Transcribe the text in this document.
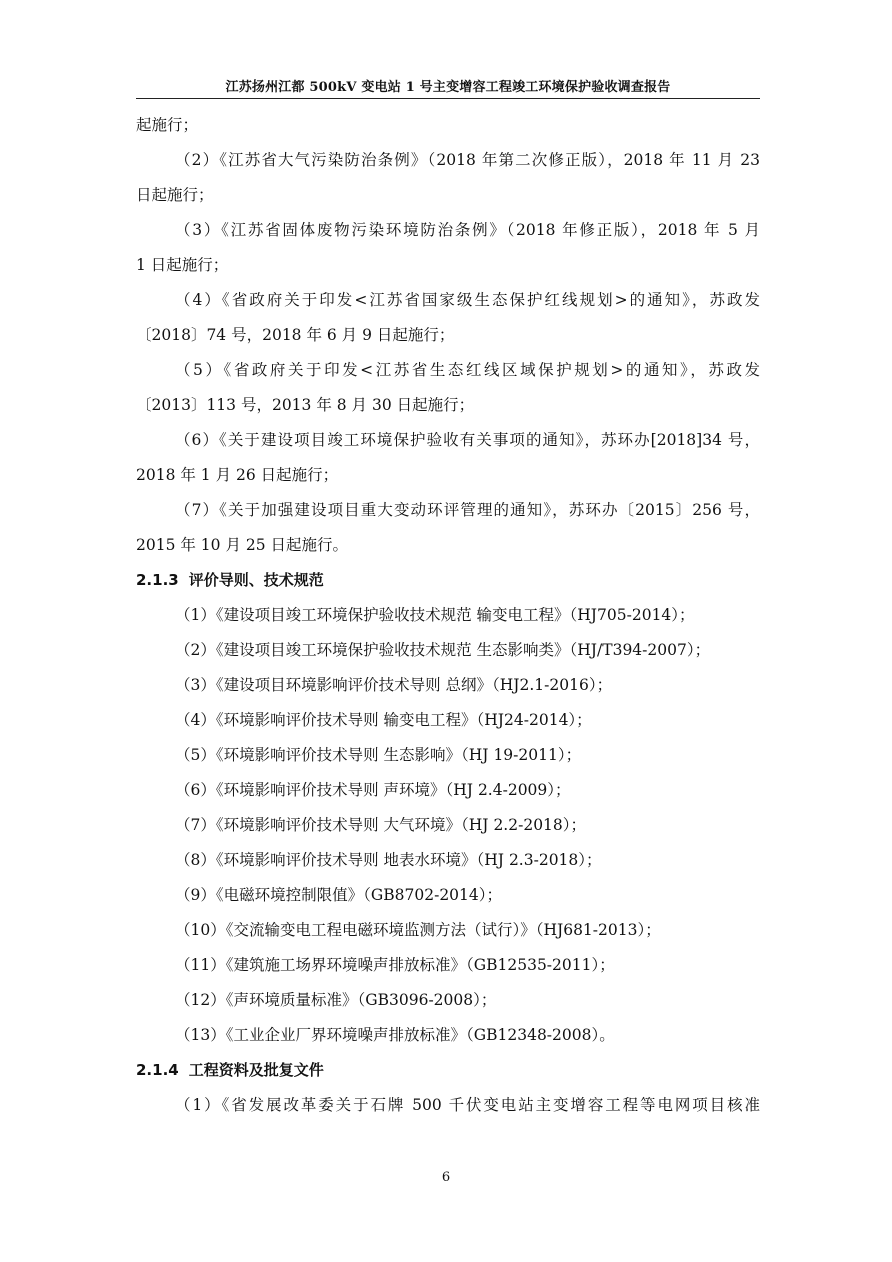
江苏扬州江都 500kV 变电站 1 号主变增容工程竣工环境保护验收调查报告
起施行；
（2）《江苏省大气污染防治条例》（2018 年第二次修正版），2018 年 11 月 23
日起施行；
（3）《江苏省固体废物污染环境防治条例》（2018 年修正版），2018 年 5 月
1 日起施行；
（4）《省政府关于印发<江苏省国家级生态保护红线规划>的通知》，苏政发
〔2018〕74 号，2018 年 6 月 9 日起施行；
（5）《省政府关于印发<江苏省生态红线区域保护规划>的通知》，苏政发
〔2013〕113 号，2013 年 8 月 30 日起施行；
（6）《关于建设项目竣工环境保护验收有关事项的通知》，苏环办[2018]34 号，
2018 年 1 月 26 日起施行；
（7）《关于加强建设项目重大变动环评管理的通知》，苏环办〔2015〕256 号，
2015 年 10 月 25 日起施行。
2.1.3 评价导则、技术规范
（1）《建设项目竣工环境保护验收技术规范 输变电工程》（HJ705-2014）；
（2）《建设项目竣工环境保护验收技术规范 生态影响类》（HJ/T394-2007）；
（3）《建设项目环境影响评价技术导则 总纲》（HJ2.1-2016）；
（4）《环境影响评价技术导则 输变电工程》（HJ24-2014）；
（5）《环境影响评价技术导则 生态影响》（HJ 19-2011）；
（6）《环境影响评价技术导则 声环境》（HJ 2.4-2009）；
（7）《环境影响评价技术导则 大气环境》（HJ 2.2-2018）；
（8）《环境影响评价技术导则 地表水环境》（HJ 2.3-2018）；
（9）《电磁环境控制限值》（GB8702-2014）；
（10）《交流输变电工程电磁环境监测方法（试行）》（HJ681-2013）；
（11）《建筑施工场界环境噪声排放标准》（GB12535-2011）；
（12）《声环境质量标准》（GB3096-2008）；
（13）《工业企业厂界环境噪声排放标准》（GB12348-2008）。
2.1.4 工程资料及批复文件
（1）《省发展改革委关于石牌 500 千伏变电站主变增容工程等电网项目核准
6
